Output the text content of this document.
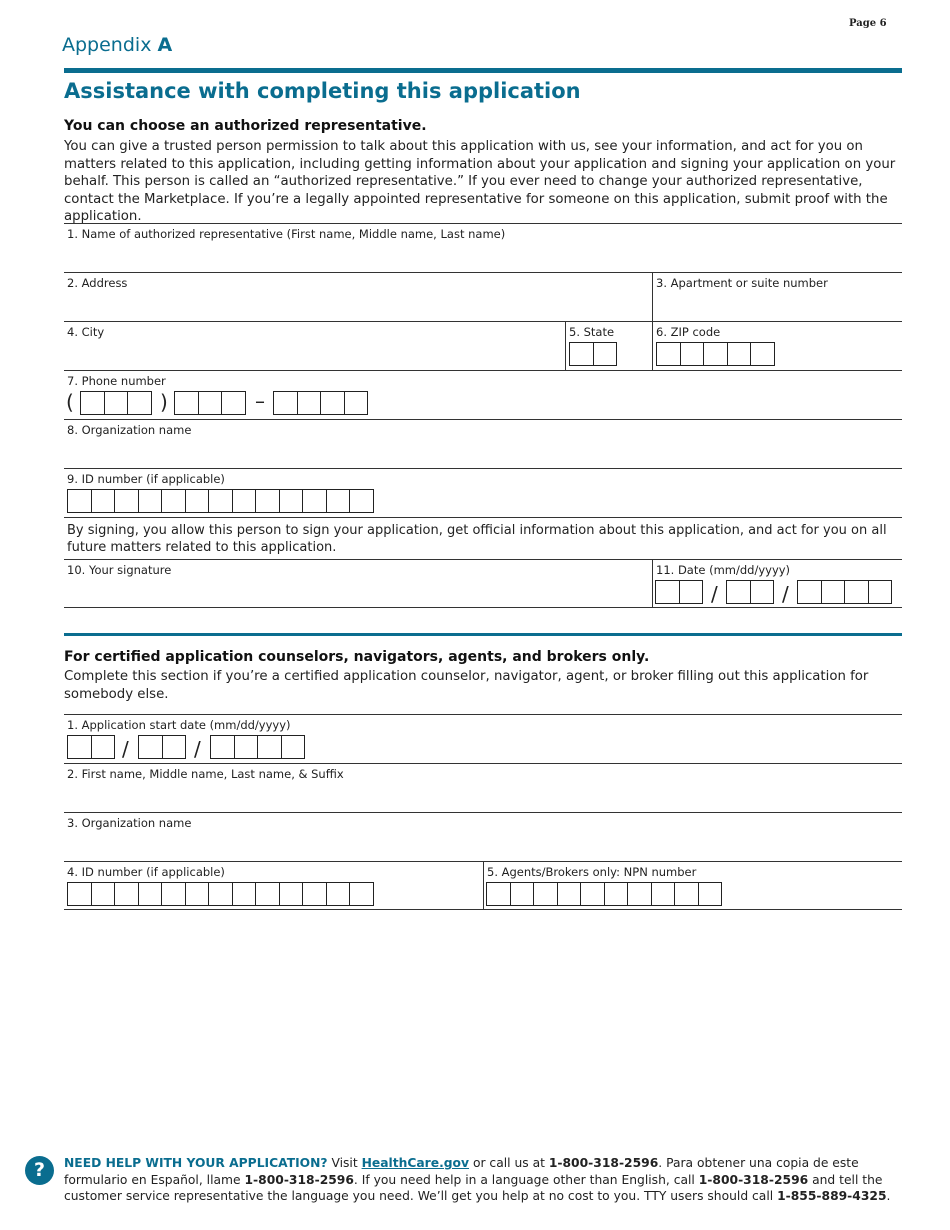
Page 6
Appendix A
Assistance with completing this application
You can choose an authorized representative.
You can give a trusted person permission to talk about this application with us, see your information, and act for you on matters related to this application, including getting information about your application and signing your application on your behalf. This person is called an “authorized representative.” If you ever need to change your authorized representative, contact the Marketplace. If you’re a legally appointed representative for someone on this application, submit proof with the application.
1. Name of authorized representative (First name, Middle name, Last name)
2. Address	3. Apartment or suite number
4. City	5. State	6. ZIP code
7. Phone number
(	)	–
8. Organization name
9. ID number (if applicable)
By signing, you allow this person to sign your application, get official information about this application, and act for you on all future matters related to this application.
10. Your signature	11. Date (mm/dd/yyyy)
/	/
For certified application counselors, navigators, agents, and brokers only.
Complete this section if you’re a certified application counselor, navigator, agent, or broker filling out this application for somebody else.
1. Application start date (mm/dd/yyyy)
/	/
2. First name, Middle name, Last name, & Suffix
3. Organization name
4. ID number (if applicable)	5. Agents/Brokers only: NPN number
?	NEED HELP WITH YOUR APPLICATION? Visit HealthCare.gov or call us at 1-800-318-2596. Para obtener una copia de este formulario en Español, llame 1-800-318-2596. If you need help in a language other than English, call 1-800-318-2596 and tell the customer service representative the language you need. We’ll get you help at no cost to you. TTY users should call 1-855-889-4325.
